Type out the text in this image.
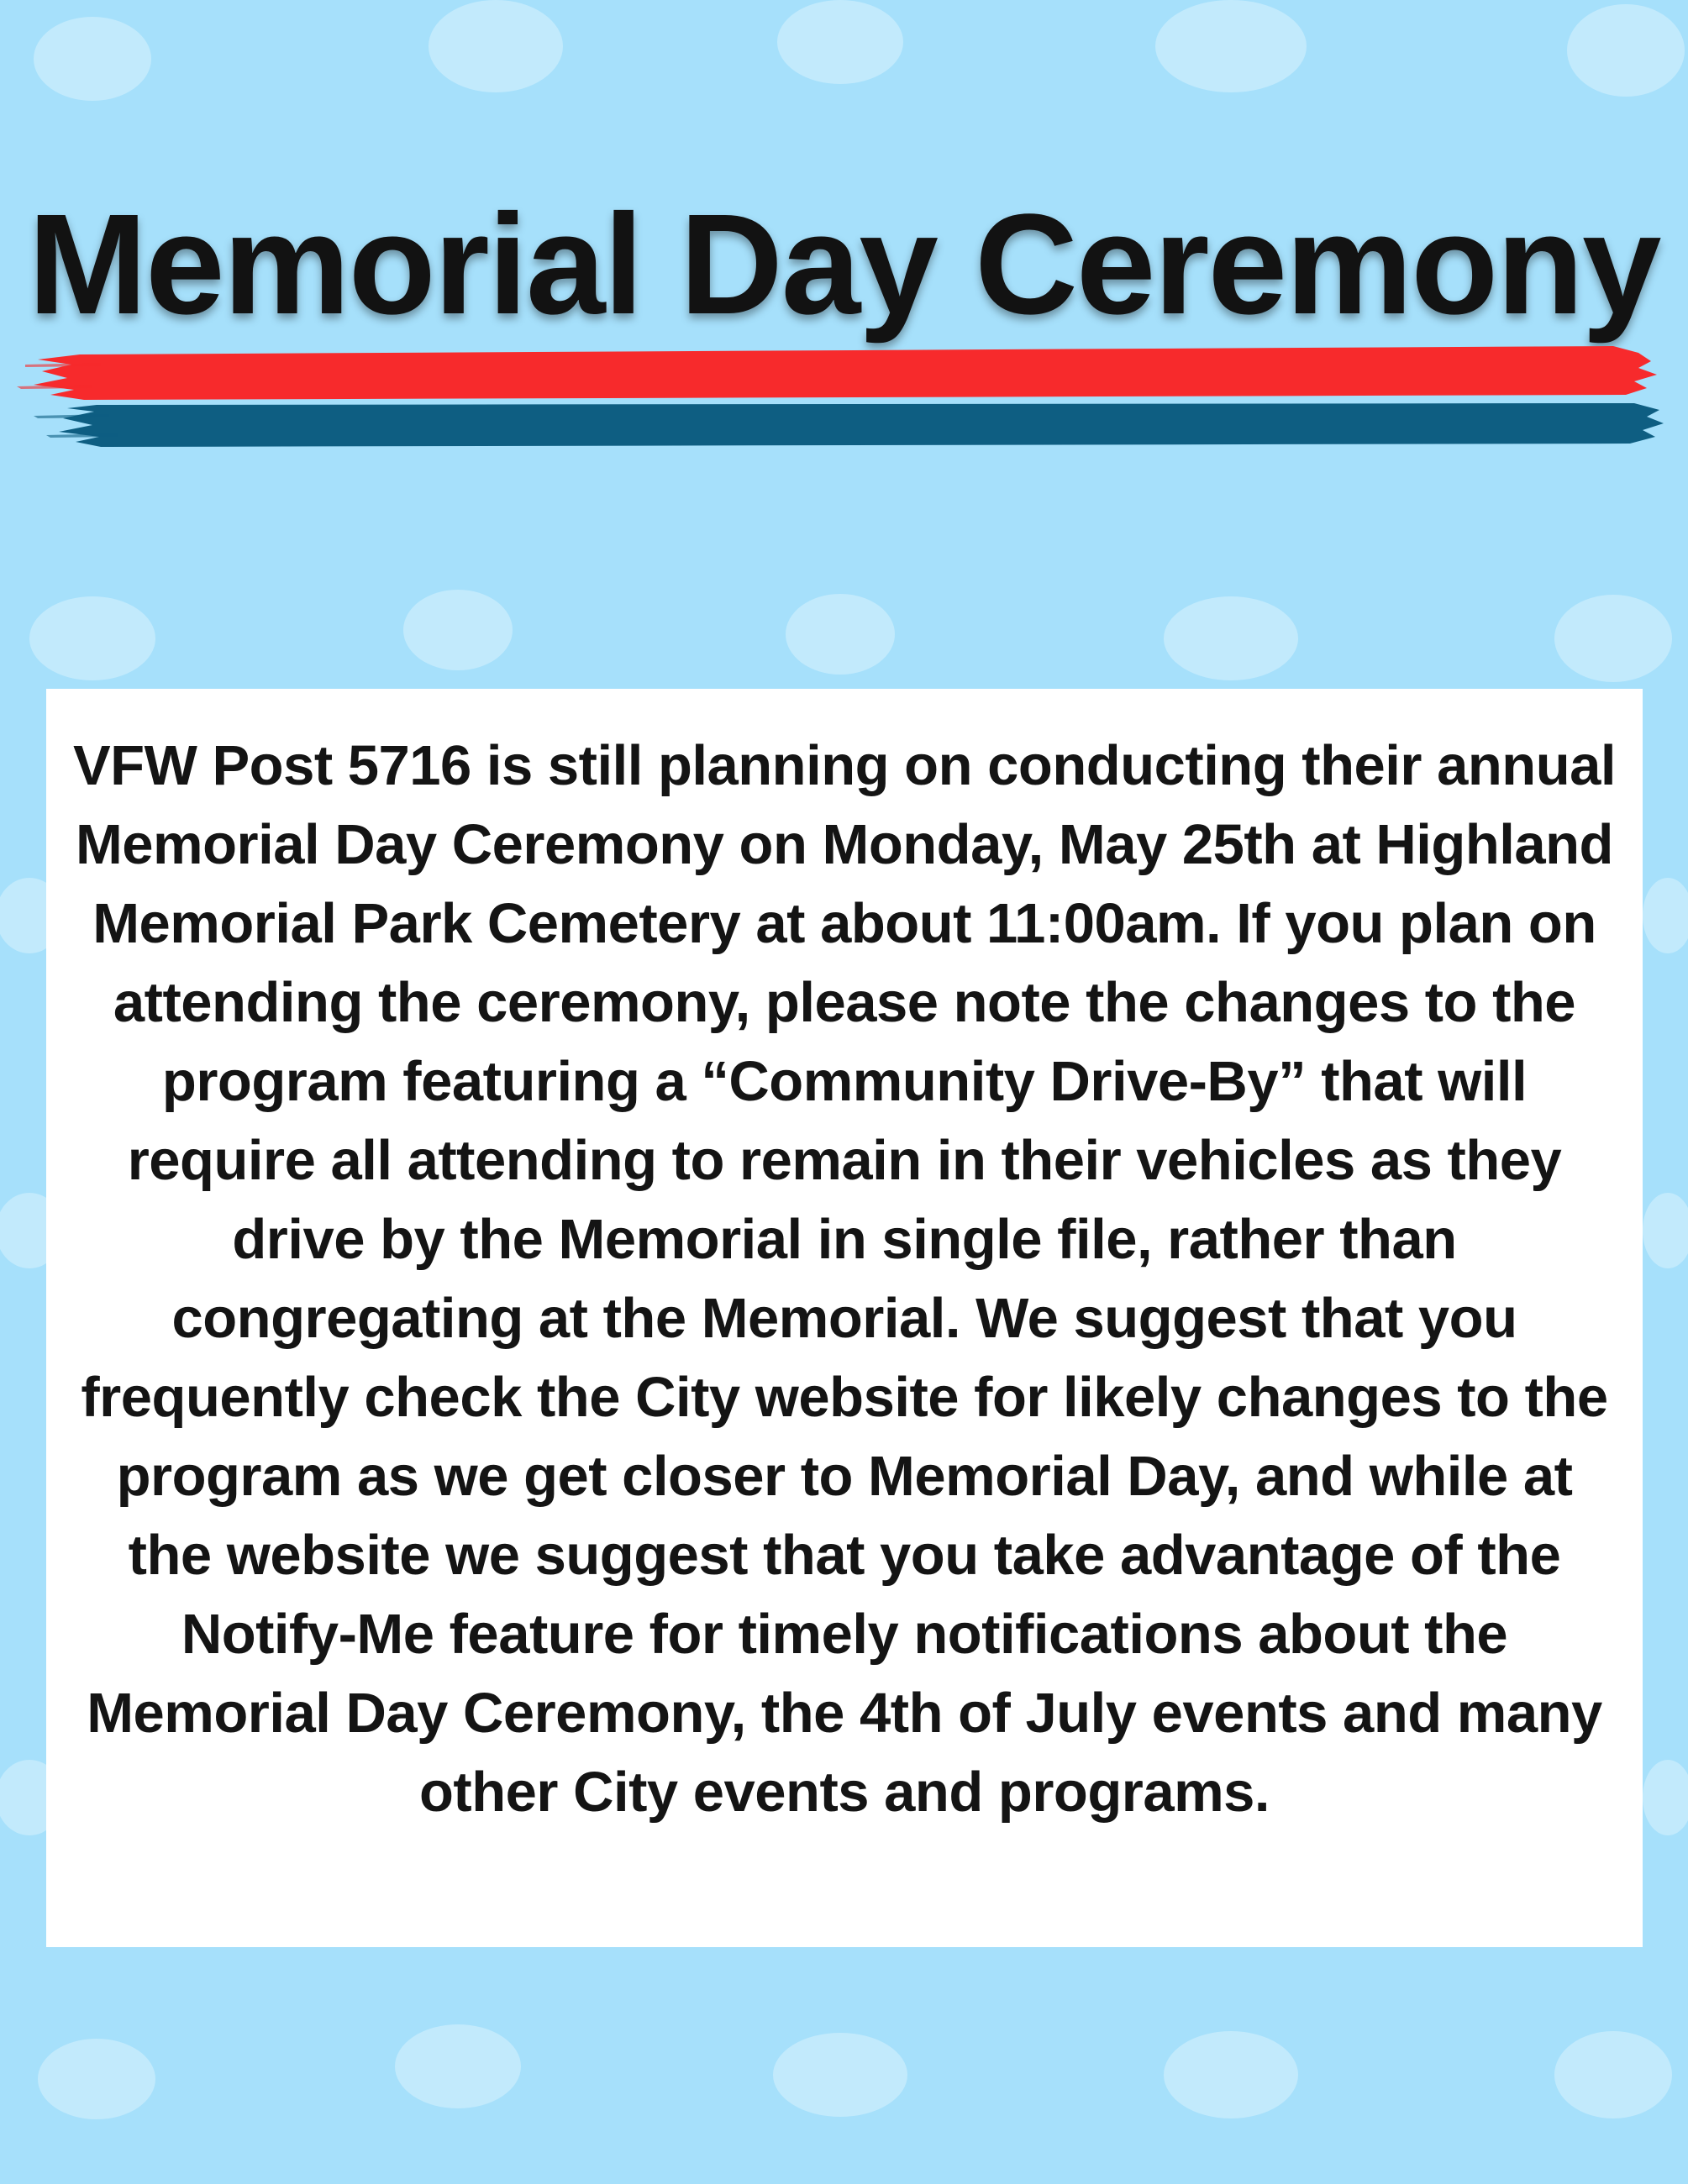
Memorial Day Ceremony

VFW Post 5716 is still planning on conducting their annual Memorial Day Ceremony on Monday, May 25th at Highland Memorial Park Cemetery at about 11:00am. If you plan on attending the ceremony, please note the changes to the program featuring a “Community Drive-By” that will require all attending to remain in their vehicles as they drive by the Memorial in single file, rather than congregating at the Memorial. We suggest that you frequently check the City website for likely changes to the program as we get closer to Memorial Day, and while at the website we suggest that you take advantage of the Notify-Me feature for timely notifications about the Memorial Day Ceremony, the 4th of July events and many other City events and programs.
